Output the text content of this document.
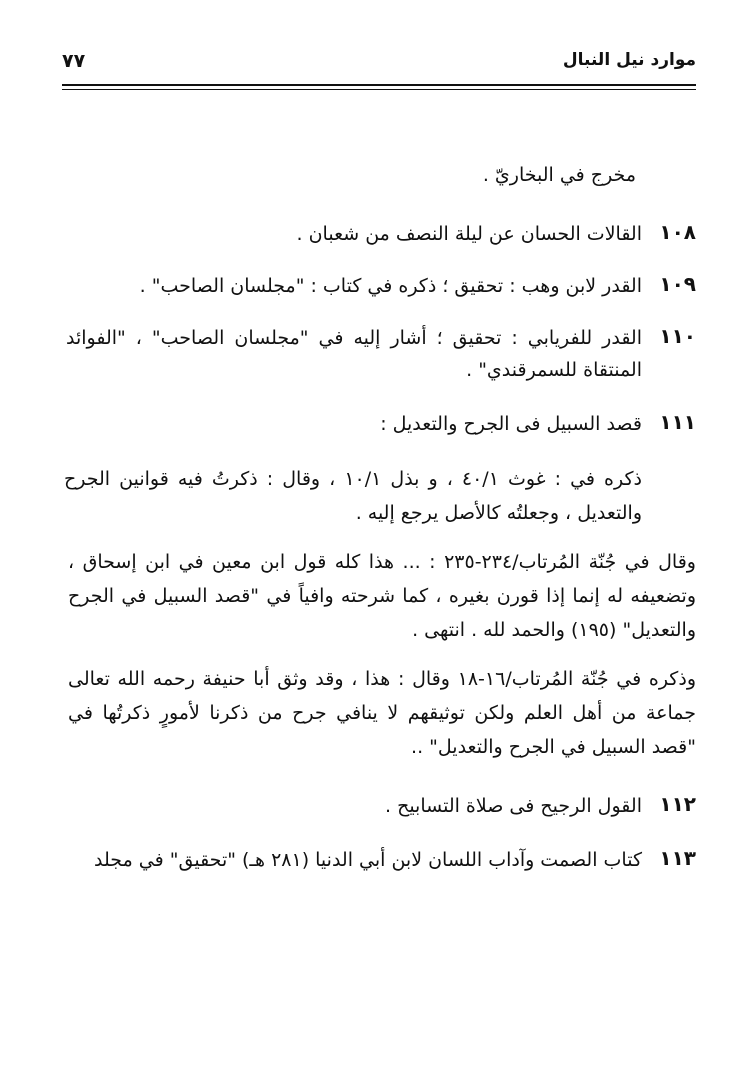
٧٧	موارد نيل النبال
مخرج في البخاريّ .
١٠٨
القالات الحسان عن ليلة النصف من شعبان .
١٠٩
القدر لابن وهب : تحقيق ؛ ذكره في كتاب : "مجلسان الصاحب" .
١١٠
القدر للفريابي : تحقيق ؛ أشار إليه في "مجلسان الصاحب" ، "الفوائد المنتقاة للسمرقندي" .
١١١
قصد السبيل فى الجرح والتعديل :
ذكره في : غوث ٤٠/١ ، و بذل ١٠/١ ، وقال : ذكرتُ فيه قوانين الجرح والتعديل ، وجعلتُه كالأصل يرجع إليه .
وقال في جُنّة المُرتاب/٢٣٤-٢٣٥ : ... هذا كله قول ابن معين في ابن إسحاق ، وتضعيفه له إنما إذا قورن بغيره ، كما شرحته وافياً في "قصد السبيل في الجرح والتعديل" (١٩٥) والحمد لله . انتهى .
وذكره في جُنّة المُرتاب/١٦-١٨ وقال : هذا ، وقد وثق أبا حنيفة رحمه الله تعالى جماعة من أهل العلم ولكن توثيقهم لا ينافي جرح من ذكرنا لأمورٍ ذكرتُها في "قصد السبيل في الجرح والتعديل" ..
١١٢
القول الرجيح فى صلاة التسابيح .
١١٣
كتاب الصمت وآداب اللسان لابن أبي الدنيا (٢٨١ هـ) "تحقيق" في مجلد
